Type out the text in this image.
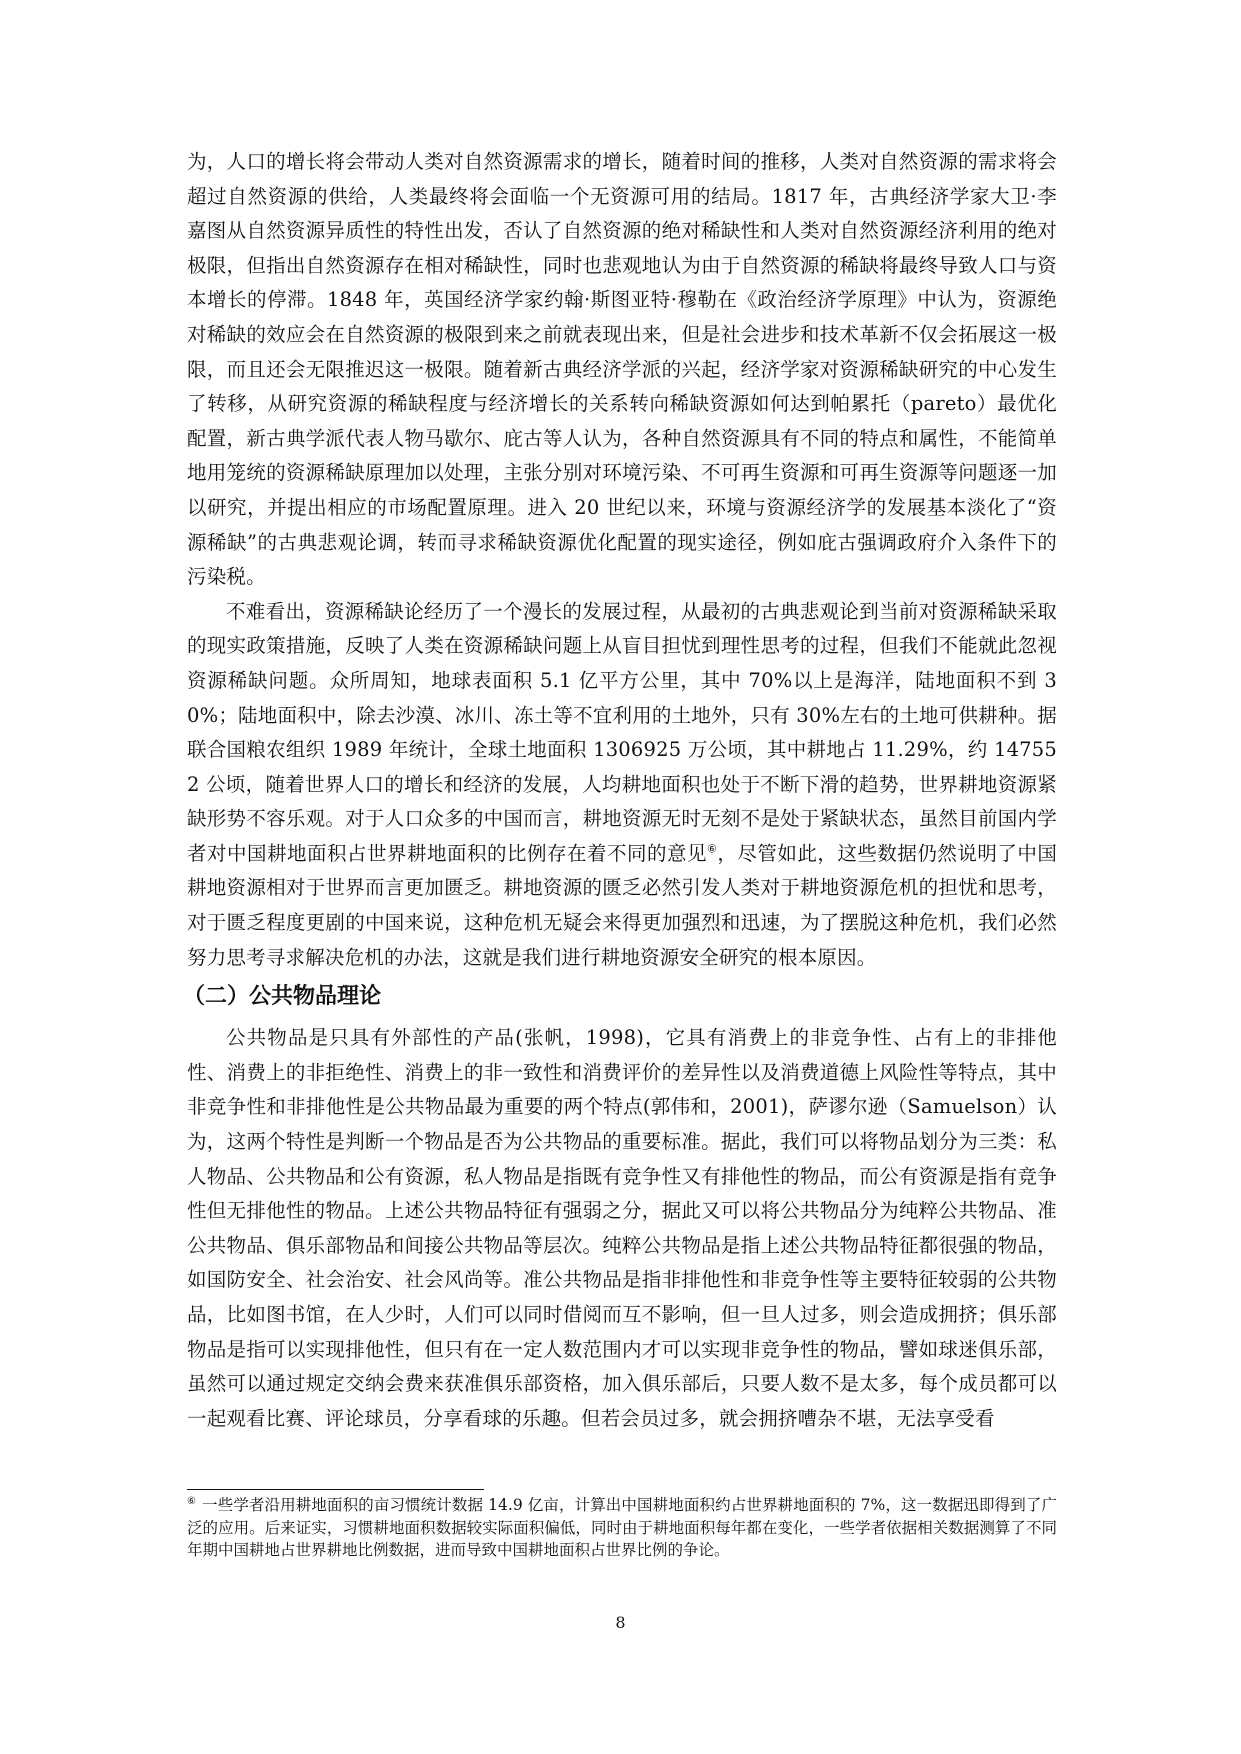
为，人口的增长将会带动人类对自然资源需求的增长，随着时间的推移，人类对自然资源的需求将会超过自然资源的供给，人类最终将会面临一个无资源可用的结局。1817 年，古典经济学家大卫·李嘉图从自然资源异质性的特性出发，否认了自然资源的绝对稀缺性和人类对自然资源经济利用的绝对极限，但指出自然资源存在相对稀缺性，同时也悲观地认为由于自然资源的稀缺将最终导致人口与资本增长的停滞。1848 年，英国经济学家约翰·斯图亚特·穆勒在《政治经济学原理》中认为，资源绝对稀缺的效应会在自然资源的极限到来之前就表现出来，但是社会进步和技术革新不仅会拓展这一极限，而且还会无限推迟这一极限。随着新古典经济学派的兴起，经济学家对资源稀缺研究的中心发生了转移，从研究资源的稀缺程度与经济增长的关系转向稀缺资源如何达到帕累托（pareto）最优化配置，新古典学派代表人物马歇尔、庇古等人认为，各种自然资源具有不同的特点和属性，不能简单地用笼统的资源稀缺原理加以处理，主张分别对环境污染、不可再生资源和可再生资源等问题逐一加以研究，并提出相应的市场配置原理。进入 20 世纪以来，环境与资源经济学的发展基本淡化了“资源稀缺”的古典悲观论调，转而寻求稀缺资源优化配置的现实途径，例如庇古强调政府介入条件下的污染税。

不难看出，资源稀缺论经历了一个漫长的发展过程，从最初的古典悲观论到当前对资源稀缺采取的现实政策措施，反映了人类在资源稀缺问题上从盲目担忧到理性思考的过程，但我们不能就此忽视资源稀缺问题。众所周知，地球表面积 5.1 亿平方公里，其中 70%以上是海洋，陆地面积不到 30%；陆地面积中，除去沙漠、冰川、冻土等不宜利用的土地外，只有 30%左右的土地可供耕种。据联合国粮农组织 1989 年统计，全球土地面积 1306925 万公顷，其中耕地占 11.29%，约 147552 公顷，随着世界人口的增长和经济的发展，人均耕地面积也处于不断下滑的趋势，世界耕地资源紧缺形势不容乐观。对于人口众多的中国而言，耕地资源无时无刻不是处于紧缺状态，虽然目前国内学者对中国耕地面积占世界耕地面积的比例存在着不同的意见⑥，尽管如此，这些数据仍然说明了中国耕地资源相对于世界而言更加匮乏。耕地资源的匮乏必然引发人类对于耕地资源危机的担忧和思考，对于匮乏程度更剧的中国来说，这种危机无疑会来得更加强烈和迅速，为了摆脱这种危机，我们必然努力思考寻求解决危机的办法，这就是我们进行耕地资源安全研究的根本原因。

（二）公共物品理论

公共物品是只具有外部性的产品(张帆，1998)，它具有消费上的非竞争性、占有上的非排他性、消费上的非拒绝性、消费上的非一致性和消费评价的差异性以及消费道德上风险性等特点，其中非竞争性和非排他性是公共物品最为重要的两个特点(郭伟和，2001)，萨谬尔逊（Samuelson）认为，这两个特性是判断一个物品是否为公共物品的重要标准。据此，我们可以将物品划分为三类：私人物品、公共物品和公有资源，私人物品是指既有竞争性又有排他性的物品，而公有资源是指有竞争性但无排他性的物品。上述公共物品特征有强弱之分，据此又可以将公共物品分为纯粹公共物品、准公共物品、俱乐部物品和间接公共物品等层次。纯粹公共物品是指上述公共物品特征都很强的物品，如国防安全、社会治安、社会风尚等。准公共物品是指非排他性和非竞争性等主要特征较弱的公共物品，比如图书馆，在人少时，人们可以同时借阅而互不影响，但一旦人过多，则会造成拥挤；俱乐部物品是指可以实现排他性，但只有在一定人数范围内才可以实现非竞争性的物品，譬如球迷俱乐部，虽然可以通过规定交纳会费来获准俱乐部资格，加入俱乐部后，只要人数不是太多，每个成员都可以一起观看比赛、评论球员，分享看球的乐趣。但若会员过多，就会拥挤嘈杂不堪，无法享受看

⑥ 一些学者沿用耕地面积的亩习惯统计数据 14.9 亿亩，计算出中国耕地面积约占世界耕地面积的 7%，这一数据迅即得到了广泛的应用。后来证实，习惯耕地面积数据较实际面积偏低，同时由于耕地面积每年都在变化，一些学者依据相关数据测算了不同年期中国耕地占世界耕地比例数据，进而导致中国耕地面积占世界比例的争论。
8
